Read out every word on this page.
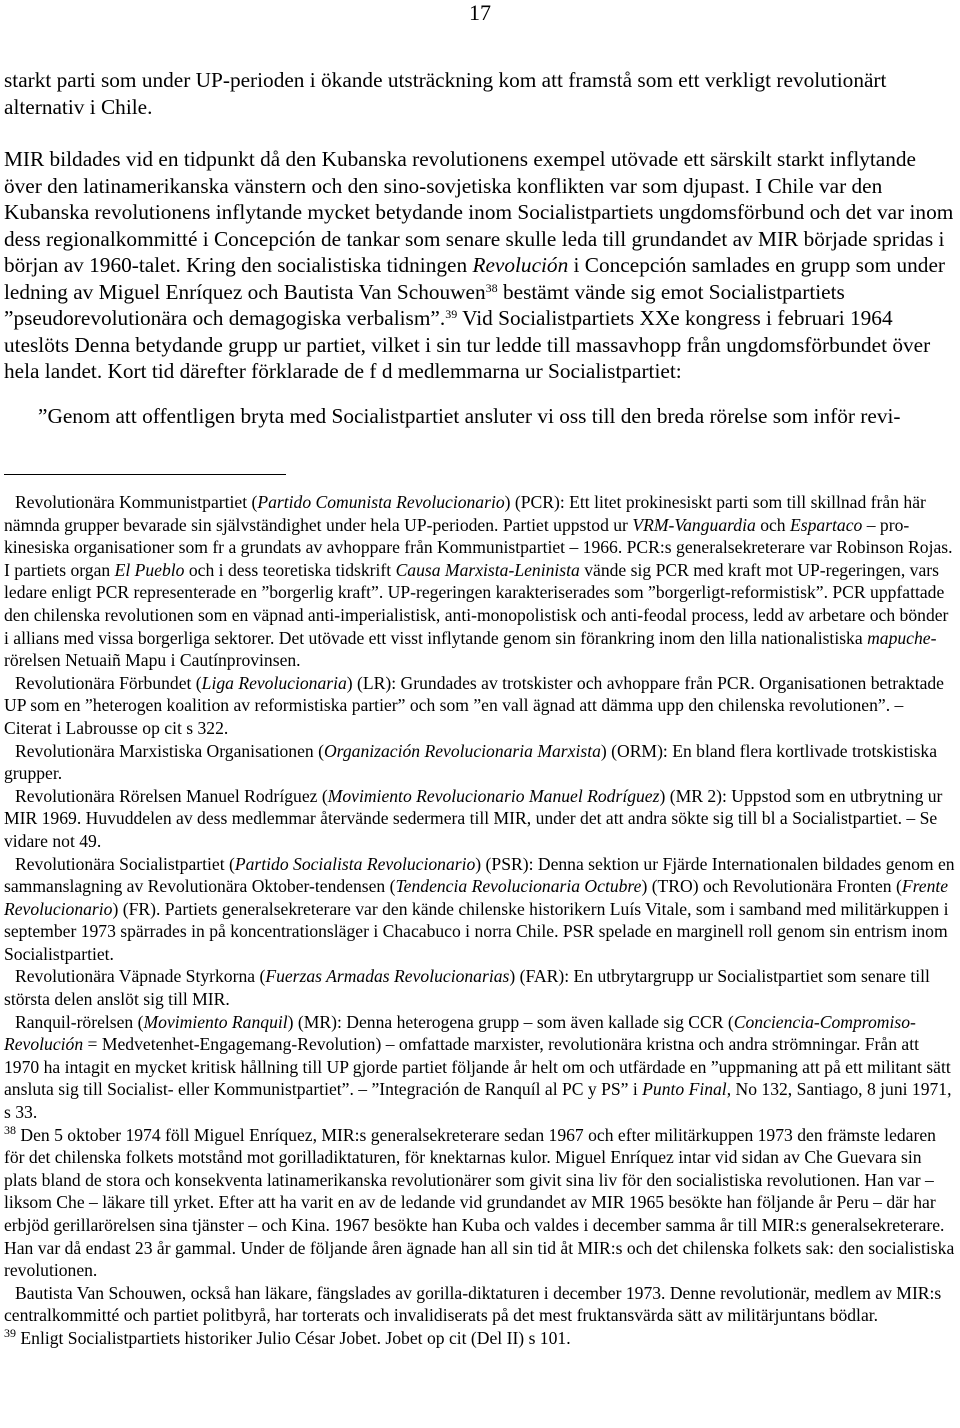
17

starkt parti som under UP-perioden i ökande utsträckning kom att framstå som ett verkligt revolutionärt alternativ i Chile.

MIR bildades vid en tidpunkt då den Kubanska revolutionens exempel utövade ett särskilt starkt inflytande över den latinamerikanska vänstern och den sino-sovjetiska konflikten var som djupast. I Chile var den Kubanska revolutionens inflytande mycket betydande inom Socialistpartiets ungdomsförbund och det var inom dess regionalkommitté i Concepción de tankar som senare skulle leda till grundandet av MIR började spridas i början av 1960-talet. Kring den socialistiska tidningen Revolución i Concepción samlades en grupp som under ledning av Miguel Enríquez och Bautista Van Schouwen$^{38}$ bestämt vände sig emot Socialistpartiets ”pseudorevolutionära och demagogiska verbalism”.$^{39}$ Vid Socialistpartiets XXe kongress i februari 1964 uteslöts Denna betydande grupp ur partiet, vilket i sin tur ledde till massavhopp från ungdomsförbundet över hela landet. Kort tid därefter förklarade de f d medlemmarna ur Socialistpartiet:

”Genom att offentligen bryta med Socialistpartiet ansluter vi oss till den breda rörelse som inför revi-

Revolutionära Kommunistpartiet (Partido Comunista Revolucionario) (PCR): Ett litet prokinesiskt parti som till skillnad från här nämnda grupper bevarade sin självständighet under hela UP-perioden. Partiet uppstod ur VRM-Vanguardia och Espartaco – pro-kinesiska organisationer som fr a grundats av avhoppare från Kommunistpartiet – 1966. PCR:s generalsekreterare var Robinson Rojas. I partiets organ El Pueblo och i dess teoretiska tidskrift Causa Marxista-Leninista vände sig PCR med kraft mot UP-regeringen, vars ledare enligt PCR representerade en ”borgerlig kraft”. UP-regeringen karakteriserades som ”borgerligt-reformistisk”. PCR uppfattade den chilenska revolutionen som en väpnad anti-imperialistisk, anti-monopolistisk och anti-feodal process, ledd av arbetare och bönder i allians med vissa borgerliga sektorer. Det utövade ett visst inflytande genom sin förankring inom den lilla nationalistiska mapuche-rörelsen Netuaiñ Mapu i Cautínprovinsen.

Revolutionära Förbundet (Liga Revolucionaria) (LR): Grundades av trotskister och avhoppare från PCR. Organisationen betraktade UP som en ”heterogen koalition av reformistiska partier” och som ”en vall ägnad att dämma upp den chilenska revolutionen”. – Citerat i Labrousse op cit s 322.

Revolutionära Marxistiska Organisationen (Organización Revolucionaria Marxista) (ORM): En bland flera kortlivade trotskistiska grupper.

Revolutionära Rörelsen Manuel Rodríguez (Movimiento Revolucionario Manuel Rodríguez) (MR 2): Uppstod som en utbrytning ur MIR 1969. Huvuddelen av dess medlemmar återvände sedermera till MIR, under det att andra sökte sig till bl a Socialistpartiet. – Se vidare not 49.

Revolutionära Socialistpartiet (Partido Socialista Revolucionario) (PSR): Denna sektion ur Fjärde Internationalen bildades genom en sammanslagning av Revolutionära Oktober-tendensen (Tendencia Revolucionaria Octubre) (TRO) och Revolutionära Fronten (Frente Revolucionario) (FR). Partiets generalsekreterare var den kände chilenske historikern Luís Vitale, som i samband med militärkuppen i september 1973 spärrades in på koncentrationsläger i Chacabuco i norra Chile. PSR spelade en marginell roll genom sin entrism inom Socialistpartiet.

Revolutionära Väpnade Styrkorna (Fuerzas Armadas Revolucionarias) (FAR): En utbrytargrupp ur Socialistpartiet som senare till största delen anslöt sig till MIR.

Ranquil-rörelsen (Movimiento Ranquil) (MR): Denna heterogena grupp – som även kallade sig CCR (Conciencia-Compromiso-Revolución = Medvetenhet-Engagemang-Revolution) – omfattade marxister, revolutionära kristna och andra strömningar. Från att 1970 ha intagit en mycket kritisk hållning till UP gjorde partiet följande år helt om och utfärdade en ”uppmaning att på ett militant sätt ansluta sig till Socialist- eller Kommunistpartiet”. – ”Integración de Ranquíl al PC y PS” i Punto Final, No 132, Santiago, 8 juni 1971, s 33.

$^{38}$ Den 5 oktober 1974 föll Miguel Enríquez, MIR:s generalsekreterare sedan 1967 och efter militärkuppen 1973 den främste ledaren för det chilenska folkets motstånd mot gorilladiktaturen, för knektarnas kulor. Miguel Enríquez intar vid sidan av Che Guevara sin plats bland de stora och konsekventa latinamerikanska revolutionärer som givit sina liv för den socialistiska revolutionen. Han var – liksom Che – läkare till yrket. Efter att ha varit en av de ledande vid grundandet av MIR 1965 besökte han följande år Peru – där har erbjöd gerillarörelsen sina tjänster – och Kina. 1967 besökte han Kuba och valdes i december samma år till MIR:s generalsekreterare. Han var då endast 23 år gammal. Under de följande åren ägnade han all sin tid åt MIR:s och det chilenska folkets sak: den socialistiska revolutionen.

Bautista Van Schouwen, också han läkare, fängslades av gorilla-diktaturen i december 1973. Denne revolutionär, medlem av MIR:s centralkommitté och partiet politbyrå, har torterats och invalidiserats på det mest fruktansvärda sätt av militärjuntans bödlar.

$^{39}$ Enligt Socialistpartiets historiker Julio César Jobet. Jobet op cit (Del II) s 101.
